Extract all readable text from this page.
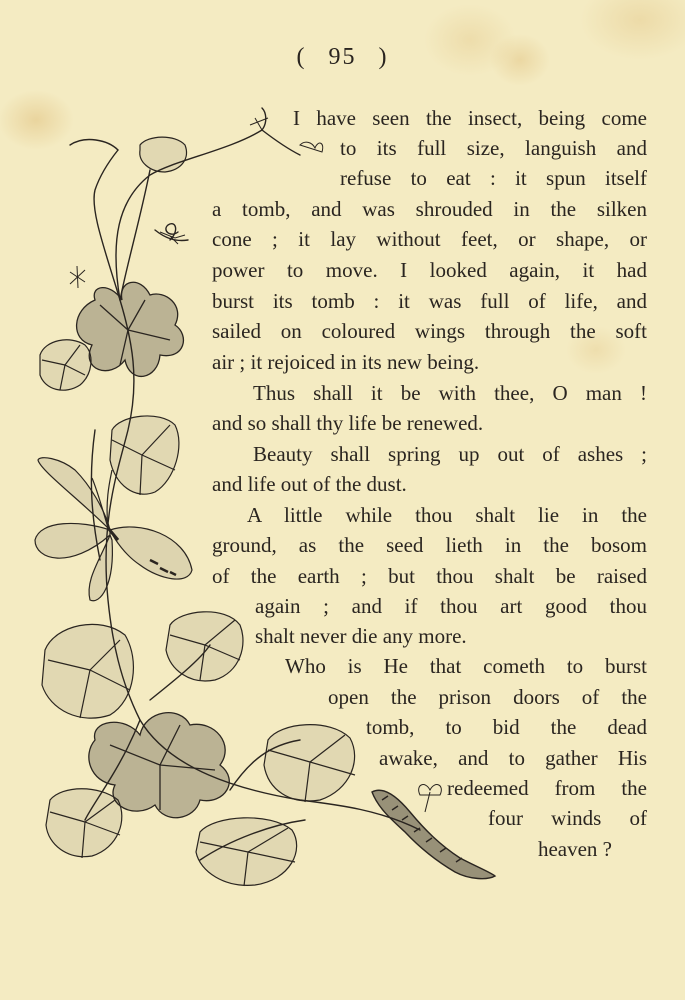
( 95 )
I have seen the insect, being come
to its full size, languish and
refuse to eat : it spun itself
a tomb, and was shrouded in the silken
cone ; it lay without feet, or shape, or
power to move. I looked again, it had
burst its tomb : it was full of life, and
sailed on coloured wings through the soft
air ; it rejoiced in its new being.
Thus shall it be with thee, O man !
and so shall thy life be renewed.
Beauty shall spring up out of ashes ;
and life out of the dust.
A little while thou shalt lie in the
ground, as the seed lieth in the bosom
of the earth ; but thou shalt be raised
again ; and if thou art good thou
shalt never die any more.
Who is He that cometh to burst
open the prison doors of the
tomb, to bid the dead
awake, and to gather His
redeemed from the
four winds of
heaven ?
